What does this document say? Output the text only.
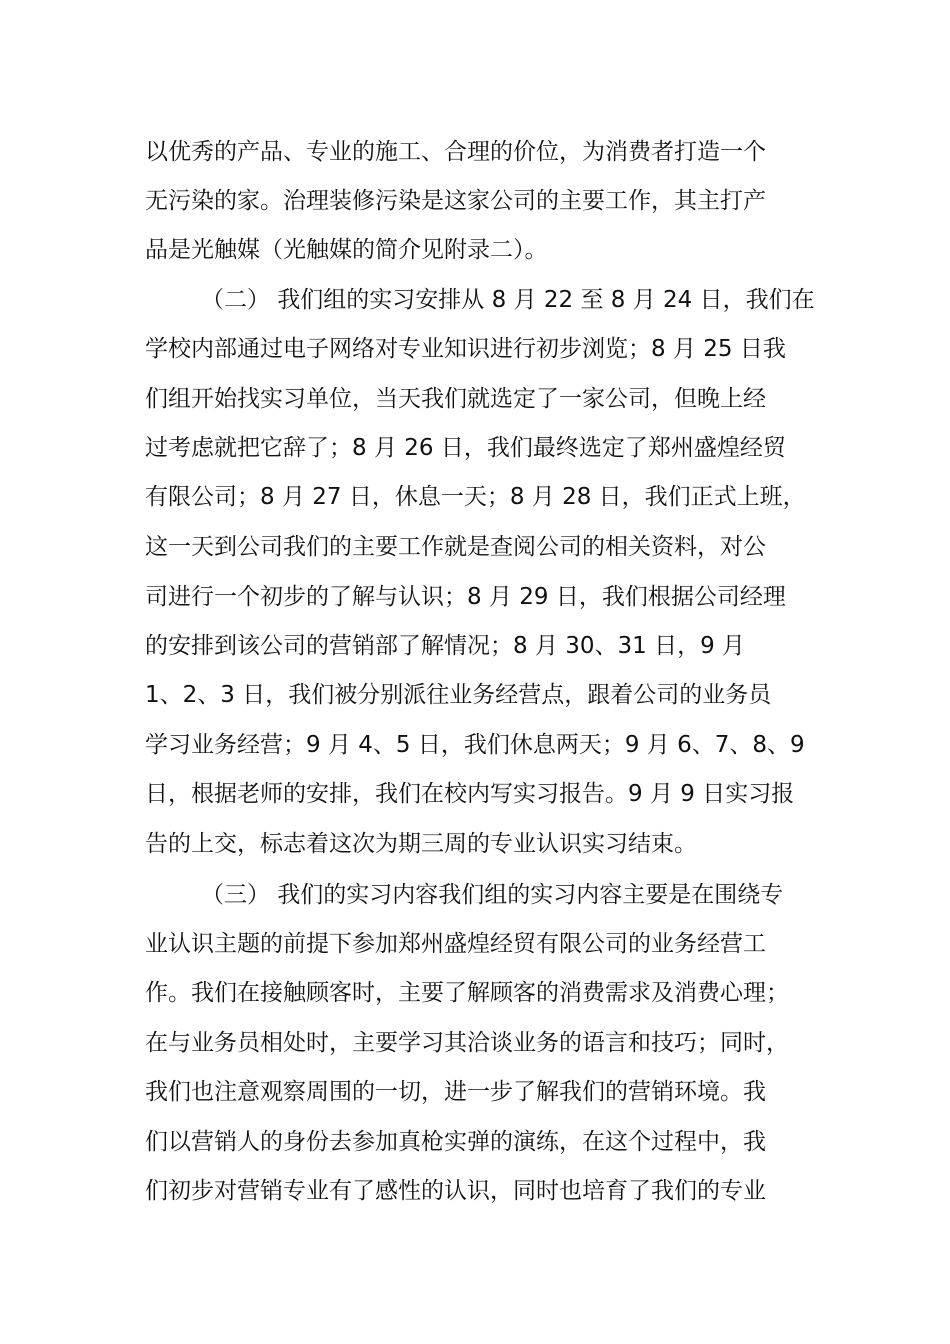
以优秀的产品、专业的施工、合理的价位，为消费者打造一个
无污染的家。治理装修污染是这家公司的主要工作，其主打产
品是光触媒（光触媒的简介见附录二）。
（二） 我们组的实习安排从 8 月 22 至 8 月 24 日，我们在
学校内部通过电子网络对专业知识进行初步浏览；8 月 25 日我
们组开始找实习单位，当天我们就选定了一家公司，但晚上经
过考虑就把它辞了；8 月 26 日，我们最终选定了郑州盛煌经贸
有限公司；8 月 27 日，休息一天；8 月 28 日，我们正式上班，
这一天到公司我们的主要工作就是查阅公司的相关资料，对公
司进行一个初步的了解与认识；8 月 29 日，我们根据公司经理
的安排到该公司的营销部了解情况；8 月 30、31 日，9 月
1、2、3 日，我们被分别派往业务经营点，跟着公司的业务员
学习业务经营；9 月 4、5 日，我们休息两天；9 月 6、7、8、9
日，根据老师的安排，我们在校内写实习报告。9 月 9 日实习报
告的上交，标志着这次为期三周的专业认识实习结束。
（三） 我们的实习内容我们组的实习内容主要是在围绕专
业认识主题的前提下参加郑州盛煌经贸有限公司的业务经营工
作。我们在接触顾客时，主要了解顾客的消费需求及消费心理；
在与业务员相处时，主要学习其洽谈业务的语言和技巧；同时，
我们也注意观察周围的一切，进一步了解我们的营销环境。我
们以营销人的身份去参加真枪实弹的演练，在这个过程中，我
们初步对营销专业有了感性的认识，同时也培育了我们的专业
